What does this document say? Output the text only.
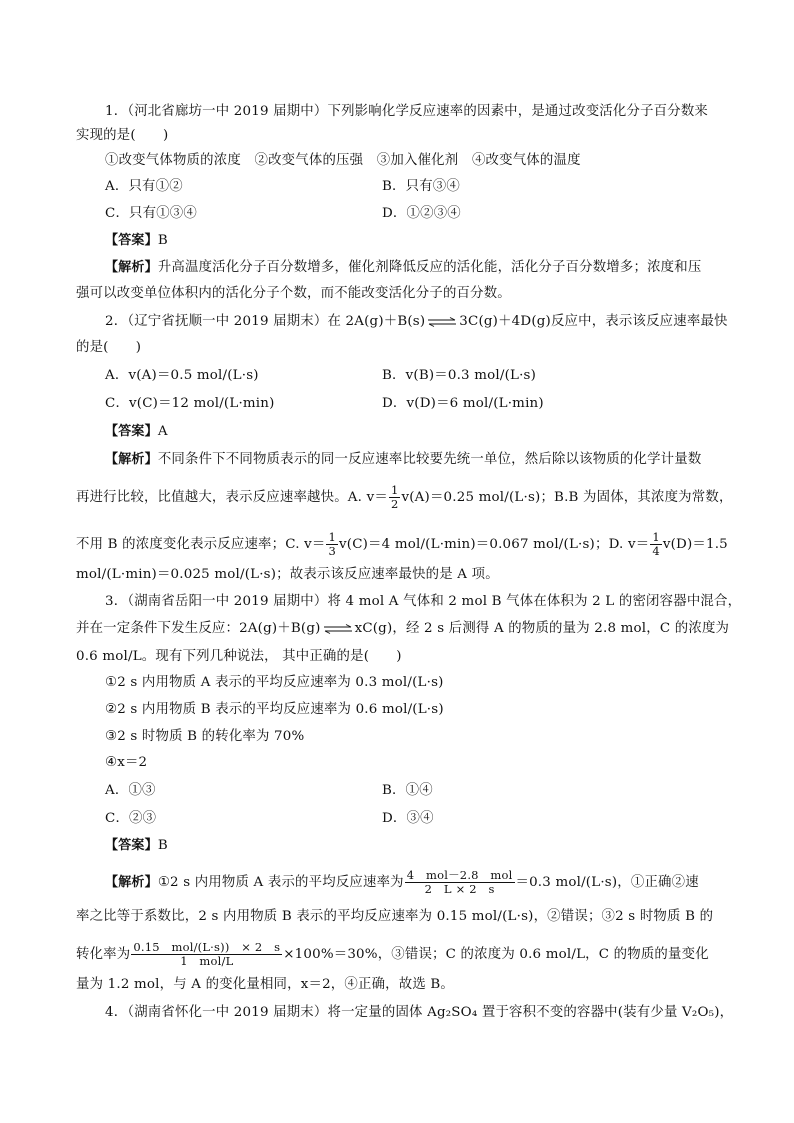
1．（河北省廊坊一中 2019 届期中）下列影响化学反应速率的因素中，是通过改变活化分子百分数来
实现的是(　　)
①改变气体物质的浓度　②改变气体的压强　③加入催化剂　④改变气体的温度
A．只有①②	B．只有③④
C．只有①③④	D．①②③④
【答案】B
【解析】升高温度活化分子百分数增多，催化剂降低反应的活化能，活化分子百分数增多；浓度和压
强可以改变单位体积内的活化分子个数，而不能改变活化分子的百分数。
2．（辽宁省抚顺一中 2019 届期末）在 2A(g)＋B(s) ⇌ 3C(g)＋4D(g)反应中，表示该反应速率最快
的是(　　)
A．v(A)＝0.5 mol/(L·s)	B．v(B)＝0.3 mol/(L·s)
C．v(C)＝12 mol/(L·min)	D．v(D)＝6 mol/(L·min)
【答案】A
【解析】不同条件下不同物质表示的同一反应速率比较要先统一单位，然后除以该物质的化学计量数
再进行比较，比值越大，表示反应速率越快。A. $v= \frac{1}{2} v(A)=0.25$ mol/(L·s)；B.B 为固体，其浓度为常数，
不用 B 的浓度变化表示反应速率；C. $v= \frac{1}{3} v(C)=4$ mol/(L·min)＝0.067 mol/(L·s)；D. $v= \frac{1}{4} v(D)=1.5$
mol/(L·min)＝0.025 mol/(L·s)；故表示该反应速率最快的是 A 项。
3．（湖南省岳阳一中 2019 届期中）将 4 mol A 气体和 2 mol B 气体在体积为 2 L 的密闭容器中混合，
并在一定条件下发生反应：2A(g)＋B(g) ⇌ xC(g)，经 2 s 后测得 A 的物质的量为 2.8 mol，C 的浓度为
0.6 mol/L。现有下列几种说法， 其中正确的是(　　)
①2 s 内用物质 A 表示的平均反应速率为 0.3 mol/(L·s)
②2 s 内用物质 B 表示的平均反应速率为 0.6 mol/(L·s)
③2 s 时物质 B 的转化率为 70%
④x＝2
A．①③	B．①④
C．②③	D．③④
【答案】B
【解析】①2 s 内用物质 A 表示的平均反应速率为 $\frac{\text{4　mol－2.8　mol}}{2 L \times 2 s} =0.3$ mol/(L·s)，①正确②速
率之比等于系数比，2 s 内用物质 B 表示的平均反应速率为 0.15 mol/(L·s)，②错误；③2 s 时物质 B 的
转化率为 $\frac{\text{0.15　mol/(L·s))　× 2　s}}{\text{1　mol/L}} \times 100\%=30\%$，③错误；C 的浓度为 0.6 mol/L，C 的物质的量变化
量为 1.2 mol，与 A 的变化量相同，x＝2，④正确，故选 B。
4．（湖南省怀化一中 2019 届期末）将一定量的固体 Ag₂SO₄ 置于容积不变的容器中(装有少量 V₂O₅)，
